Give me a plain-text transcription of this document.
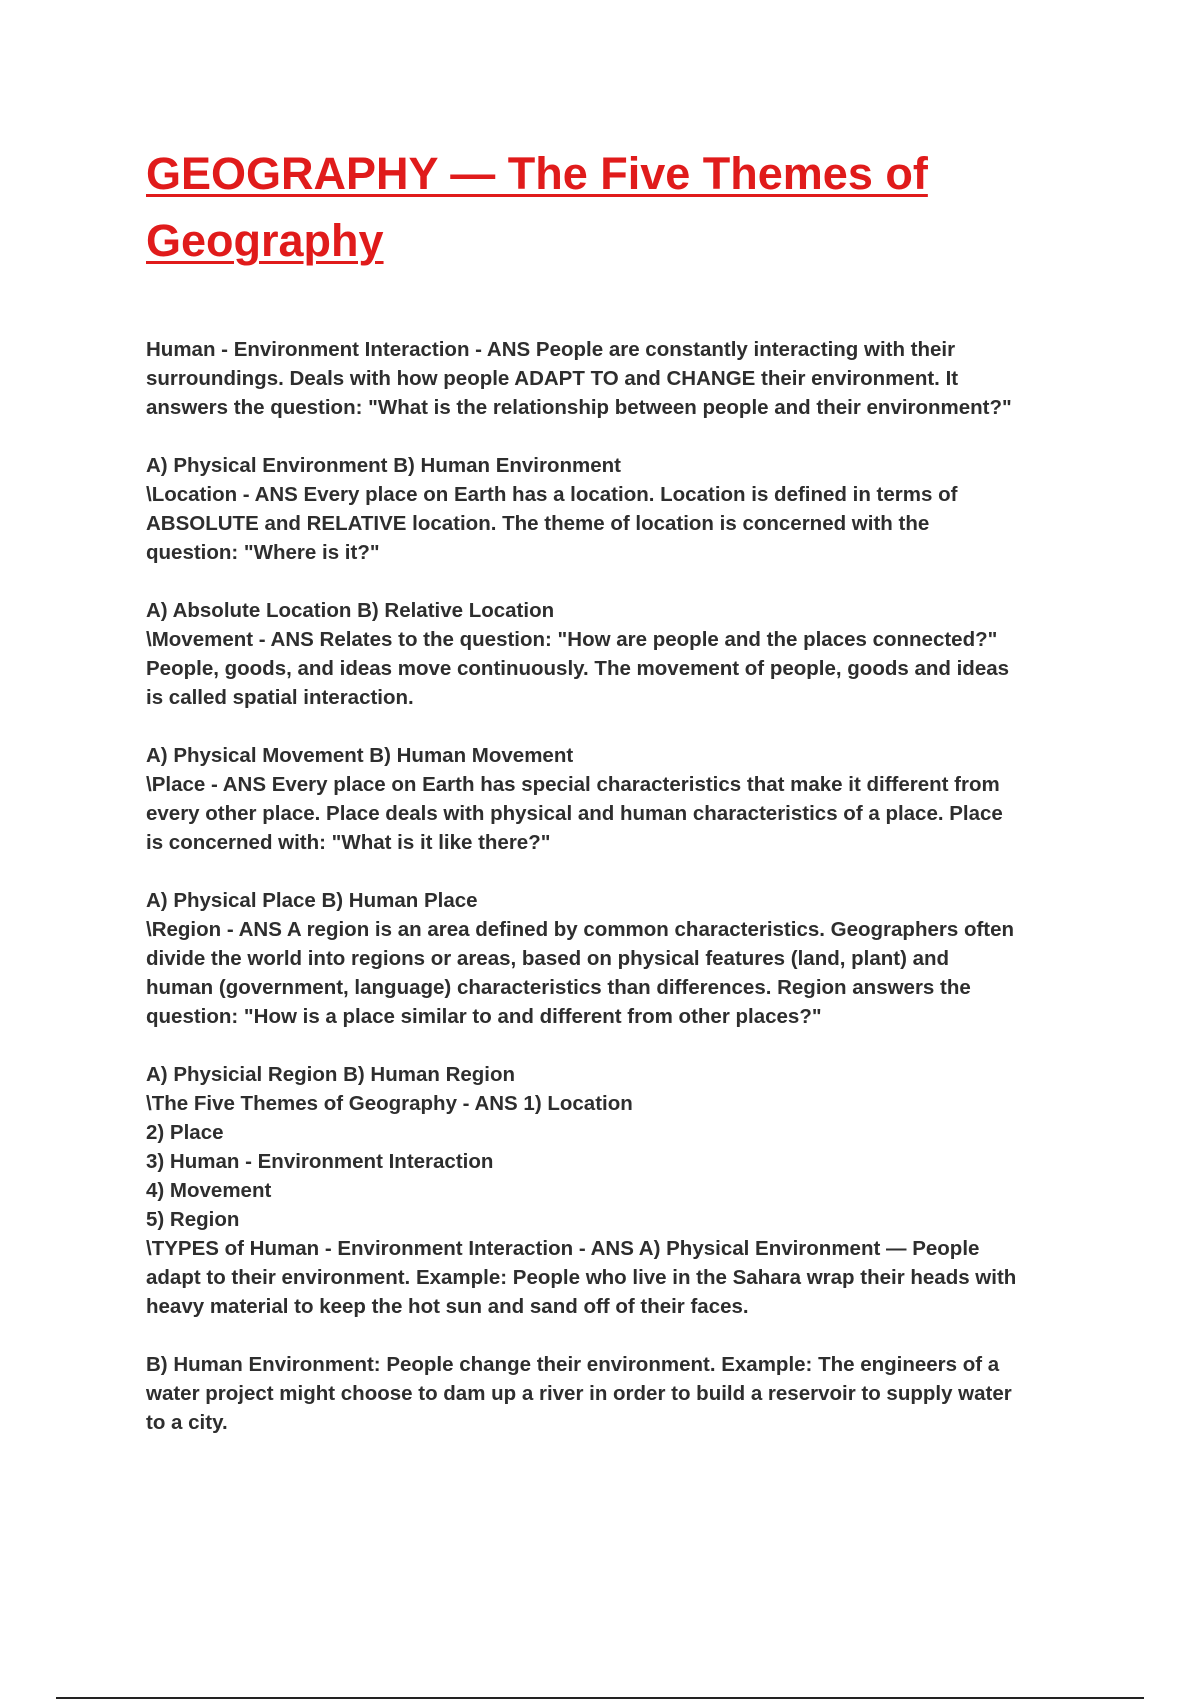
GEOGRAPHY — The Five Themes of
Geography

Human - Environment Interaction - ANS People are constantly interacting with their
surroundings. Deals with how people ADAPT TO and CHANGE their environment. It
answers the question: "What is the relationship between people and their environment?"

A) Physical Environment B) Human Environment
\Location - ANS Every place on Earth has a location. Location is defined in terms of
ABSOLUTE and RELATIVE location. The theme of location is concerned with the
question: "Where is it?"

A) Absolute Location B) Relative Location
\Movement - ANS Relates to the question: "How are people and the places connected?"
People, goods, and ideas move continuously. The movement of people, goods and ideas
is called spatial interaction.

A) Physical Movement B) Human Movement
\Place - ANS Every place on Earth has special characteristics that make it different from
every other place. Place deals with physical and human characteristics of a place. Place
is concerned with: "What is it like there?"

A) Physical Place B) Human Place
\Region - ANS A region is an area defined by common characteristics. Geographers often
divide the world into regions or areas, based on physical features (land, plant) and
human (government, language) characteristics than differences. Region answers the
question: "How is a place similar to and different from other places?"

A) Physicial Region B) Human Region
\The Five Themes of Geography - ANS 1) Location
2) Place
3) Human - Environment Interaction
4) Movement
5) Region
\TYPES of Human - Environment Interaction - ANS A) Physical Environment — People
adapt to their environment. Example: People who live in the Sahara wrap their heads with
heavy material to keep the hot sun and sand off of their faces.

B) Human Environment: People change their environment. Example: The engineers of a
water project might choose to dam up a river in order to build a reservoir to supply water
to a city.
